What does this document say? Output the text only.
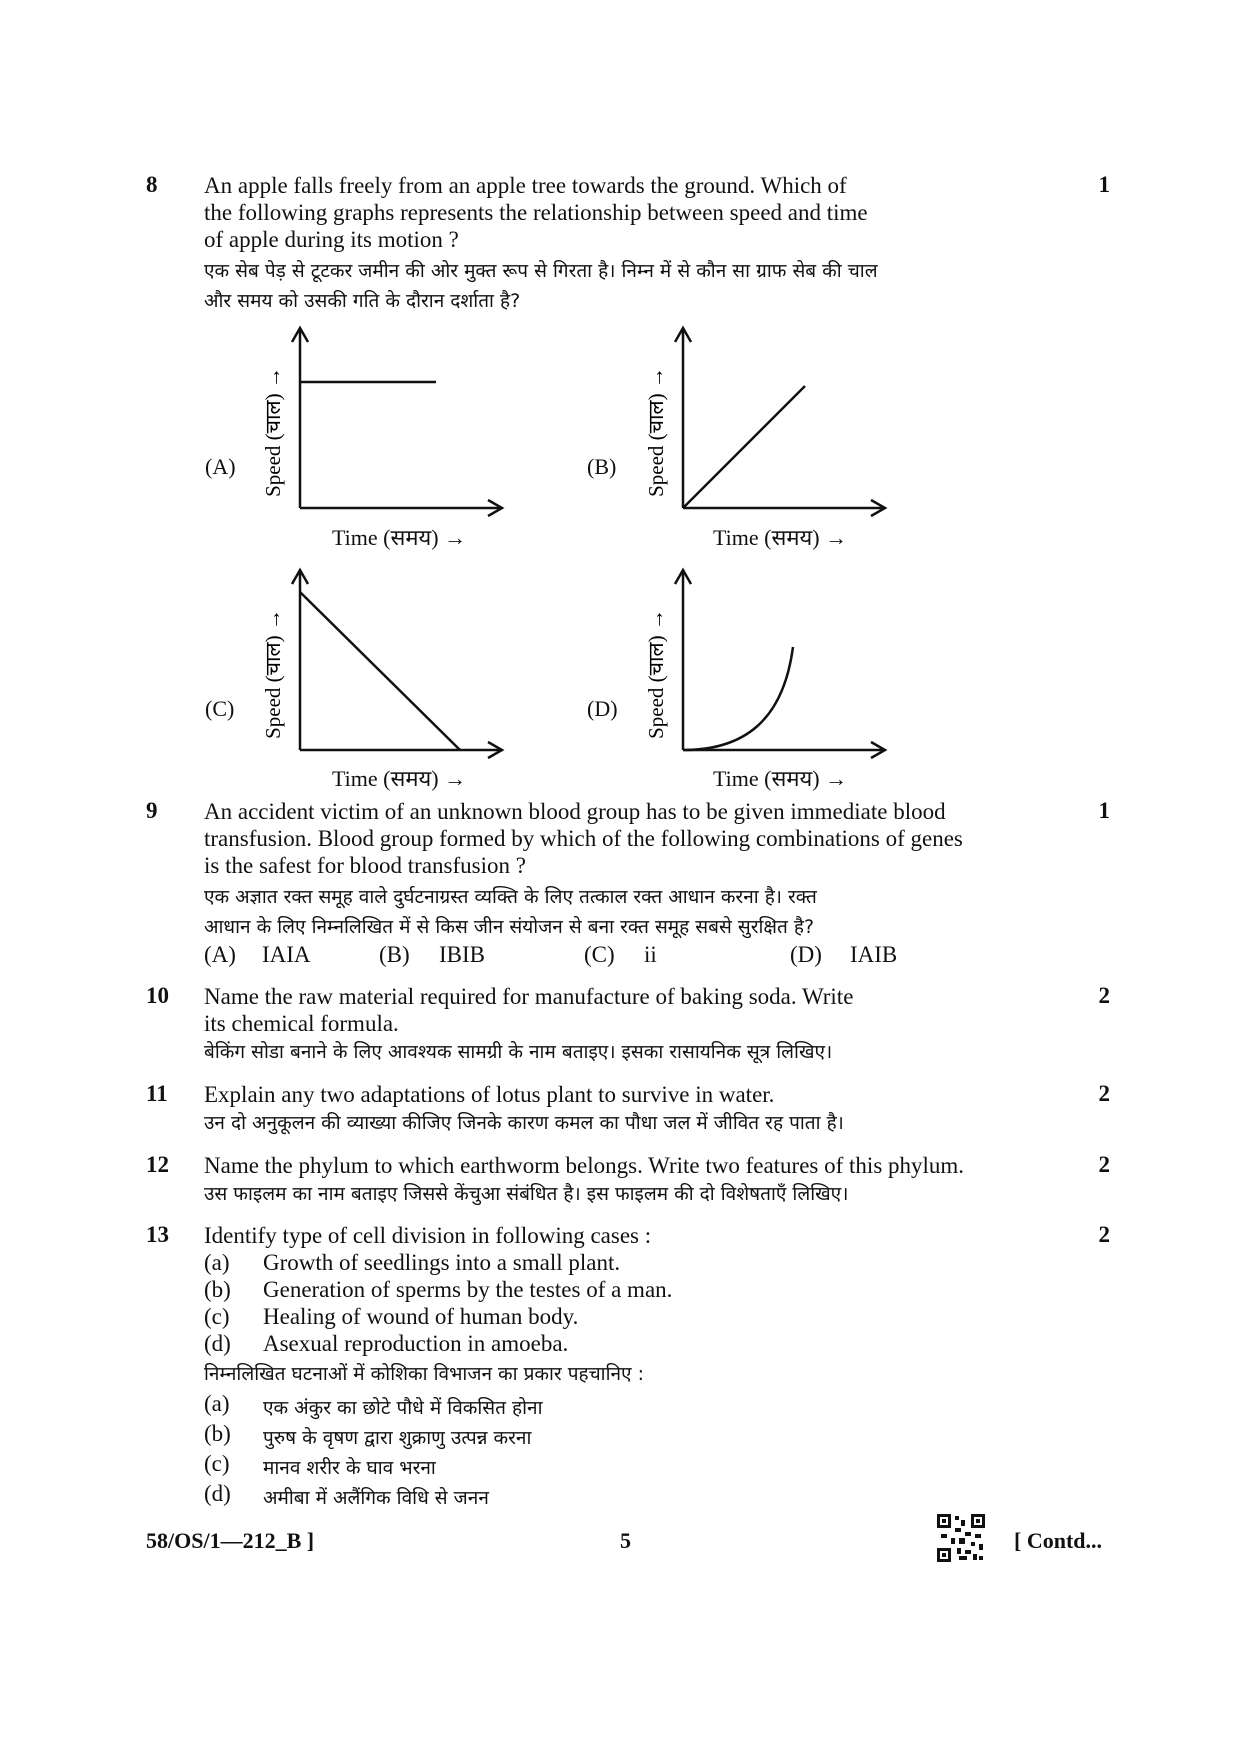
8	1
An apple falls freely from an apple tree towards the ground. Which of
the following graphs represents the relationship between speed and time
of apple during its motion ?
एक सेब पेड़ से टूटकर जमीन की ओर मुक्त रूप से गिरता है। निम्न में से कौन सा ग्राफ सेब की चाल
और समय को उसकी गति के दौरान दर्शाता है?
(A) Speed (चाल) →
Time (समय) →
(B) Speed (चाल) →
Time (समय) →
(C) Speed (चाल) →
Time (समय) →
(D) Speed (चाल) →
Time (समय) →
9	1
An accident victim of an unknown blood group has to be given immediate blood
transfusion. Blood group formed by which of the following combinations of genes
is the safest for blood transfusion ?
एक अज्ञात रक्त समूह वाले दुर्घटनाग्रस्त व्यक्ति के लिए तत्काल रक्त आधान करना है। रक्त
आधान के लिए निम्नलिखित में से किस जीन संयोजन से बना रक्त समूह सबसे सुरक्षित है?
(A) IAIA	(B) IBIB	(C) ii	(D) IAIB
10	2
Name the raw material required for manufacture of baking soda. Write
its chemical formula.
बेकिंग सोडा बनाने के लिए आवश्यक सामग्री के नाम बताइए। इसका रासायनिक सूत्र लिखिए।
11	2
Explain any two adaptations of lotus plant to survive in water.
उन दो अनुकूलन की व्याख्या कीजिए जिनके कारण कमल का पौधा जल में जीवित रह पाता है।
12	2
Name the phylum to which earthworm belongs. Write two features of this phylum.
उस फाइलम का नाम बताइए जिससे केंचुआ संबंधित है। इस फाइलम की दो विशेषताएँ लिखिए।
13	2
Identify type of cell division in following cases :
(a) Growth of seedlings into a small plant.
(b) Generation of sperms by the testes of a man.
(c) Healing of wound of human body.
(d) Asexual reproduction in amoeba.
निम्नलिखित घटनाओं में कोशिका विभाजन का प्रकार पहचानिए :
(a) एक अंकुर का छोटे पौधे में विकसित होना
(b) पुरुष के वृषण द्वारा शुक्राणु उत्पन्न करना
(c) मानव शरीर के घाव भरना
(d) अमीबा में अलैंगिक विधि से जनन
58/OS/1—212_B ]	5	[ Contd...
